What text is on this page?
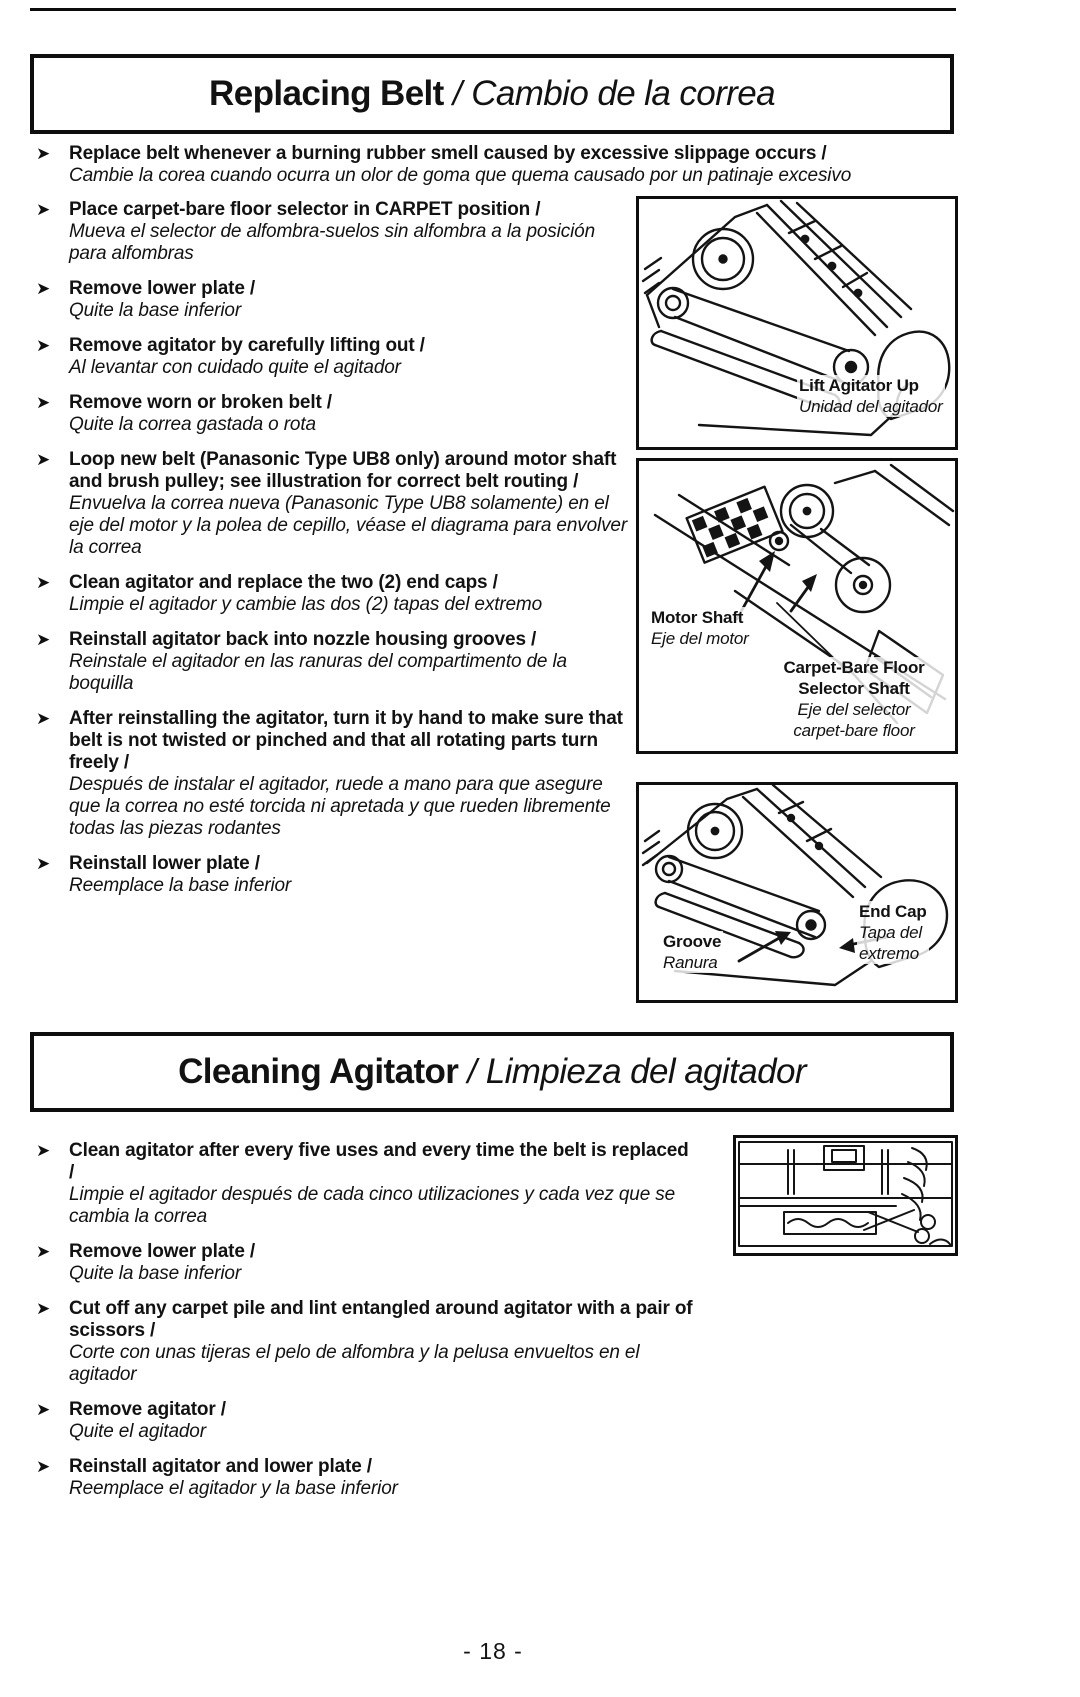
Replacing Belt / Cambio de la correa
➤ Replace belt whenever a burning rubber smell caused by excessive slippage occurs /
Cambie la corea cuando ocurra un olor de goma que quema causado por un patinaje excesivo
➤ Place carpet-bare floor selector in CARPET position /
Mueva el selector de alfombra-suelos sin alfombra a la posición para alfombras
➤ Remove lower plate /
Quite la base inferior
➤ Remove agitator by carefully lifting out /
Al levantar con cuidado quite el agitador
➤ Remove worn or broken belt /
Quite la correa gastada o rota
➤ Loop new belt (Panasonic Type UB8 only) around motor shaft and brush pulley; see illustration for correct belt routing /
Envuelva la correa nueva (Panasonic Type UB8 solamente) en el eje del motor y la polea de cepillo, véase el diagrama para envolver la correa
➤ Clean agitator and replace the two (2) end caps /
Limpie el agitador y cambie las dos (2) tapas del extremo
➤ Reinstall agitator back into nozzle housing grooves /
Reinstale el agitador en las ranuras del compartimento de la boquilla
➤ After reinstalling the agitator, turn it by hand to make sure that belt is not twisted or pinched and that all rotating parts turn freely /
Después de instalar el agitador, ruede a mano para que asegure que la correa no esté torcida ni apretada y que rueden libremente todas las piezas rodantes
➤ Reinstall lower plate /
Reemplace la base inferior
Lift Agitator Up
Unidad del agitador
Motor Shaft
Eje del motor
Carpet-Bare Floor
Selector Shaft
Eje del selector
carpet-bare floor
Groove
Ranura
End Cap
Tapa del
extremo
Cleaning Agitator / Limpieza del agitador
➤ Clean agitator after every five uses and every time the belt is replaced /
Limpie el agitador después de cada cinco utilizaciones y cada vez que se cambia la correa
➤ Remove lower plate /
Quite la base inferior
➤ Cut off any carpet pile and lint entangled around agitator with a pair of scissors /
Corte con unas tijeras el pelo de alfombra y la pelusa envueltos en el agitador
➤ Remove agitator /
Quite el agitador
➤ Reinstall agitator and lower plate /
Reemplace el agitador y la base inferior
- 18 -
